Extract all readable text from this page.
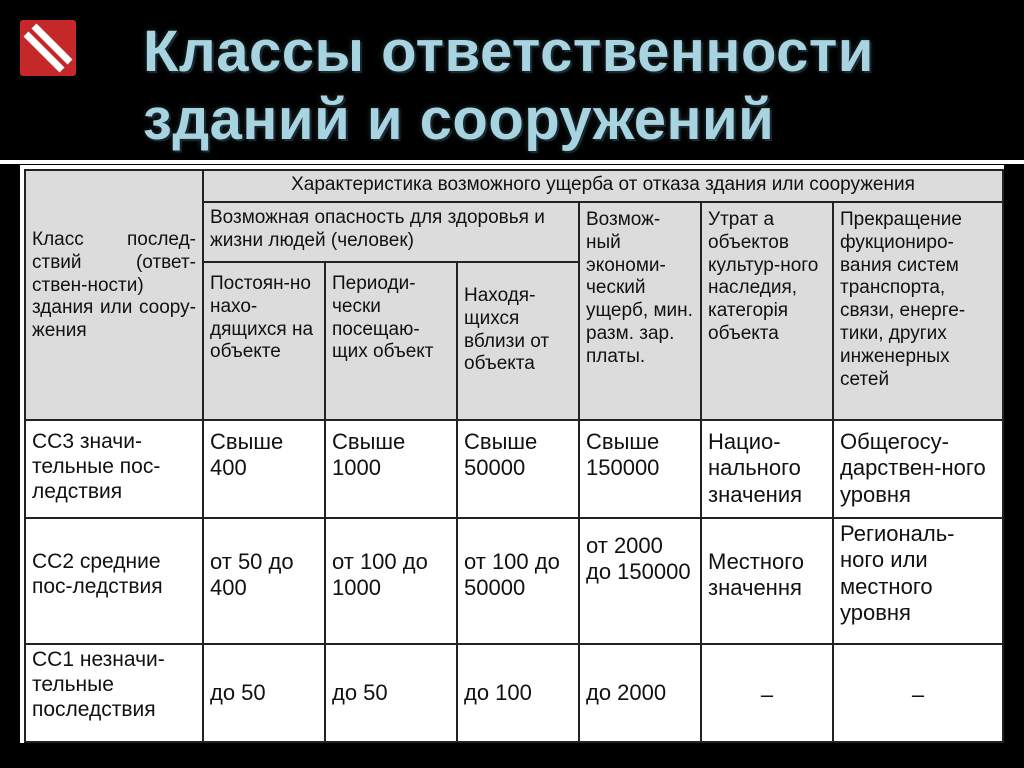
Классы ответственности
зданий и сооружений
Класс послед-ствий (ответ-ствен-ности) здания или соору-жения	Характеристика возможного ущерба от отказа здания или сооружения					
	Возможная опасность для здоровья и жизни людей (человек)			Возмож-ный экономи-ческий ущерб, мин. разм. зар. платы.	Утрат а объектов культур-ного наследия, категорiя объекта	Прекращение фукциониро-вания систем транспорта, связи, енерге-тики, других инженерных сетей
	Постоян-но нахо-дящихся на объекте	Периоди-чески посещаю-щих объект	Находя-щихся вблизи от объекта			
СС3 значи-тельные пос-ледствия	Свыше 400	Свыше 1000	Свыше 50000	Свыше 150000	Нацио-нального значения	Общегосу-дарствен-ного уровня
СС2 средние пос-ледствия	от 50 до 400	от 100 до 1000	от 100 до 50000	от 2000 до 150000	Местного значення	Региональ-ного или местного уровня
СС1 незначи-тельные последствия	до 50	до 50	до 100	до 2000	–	–
